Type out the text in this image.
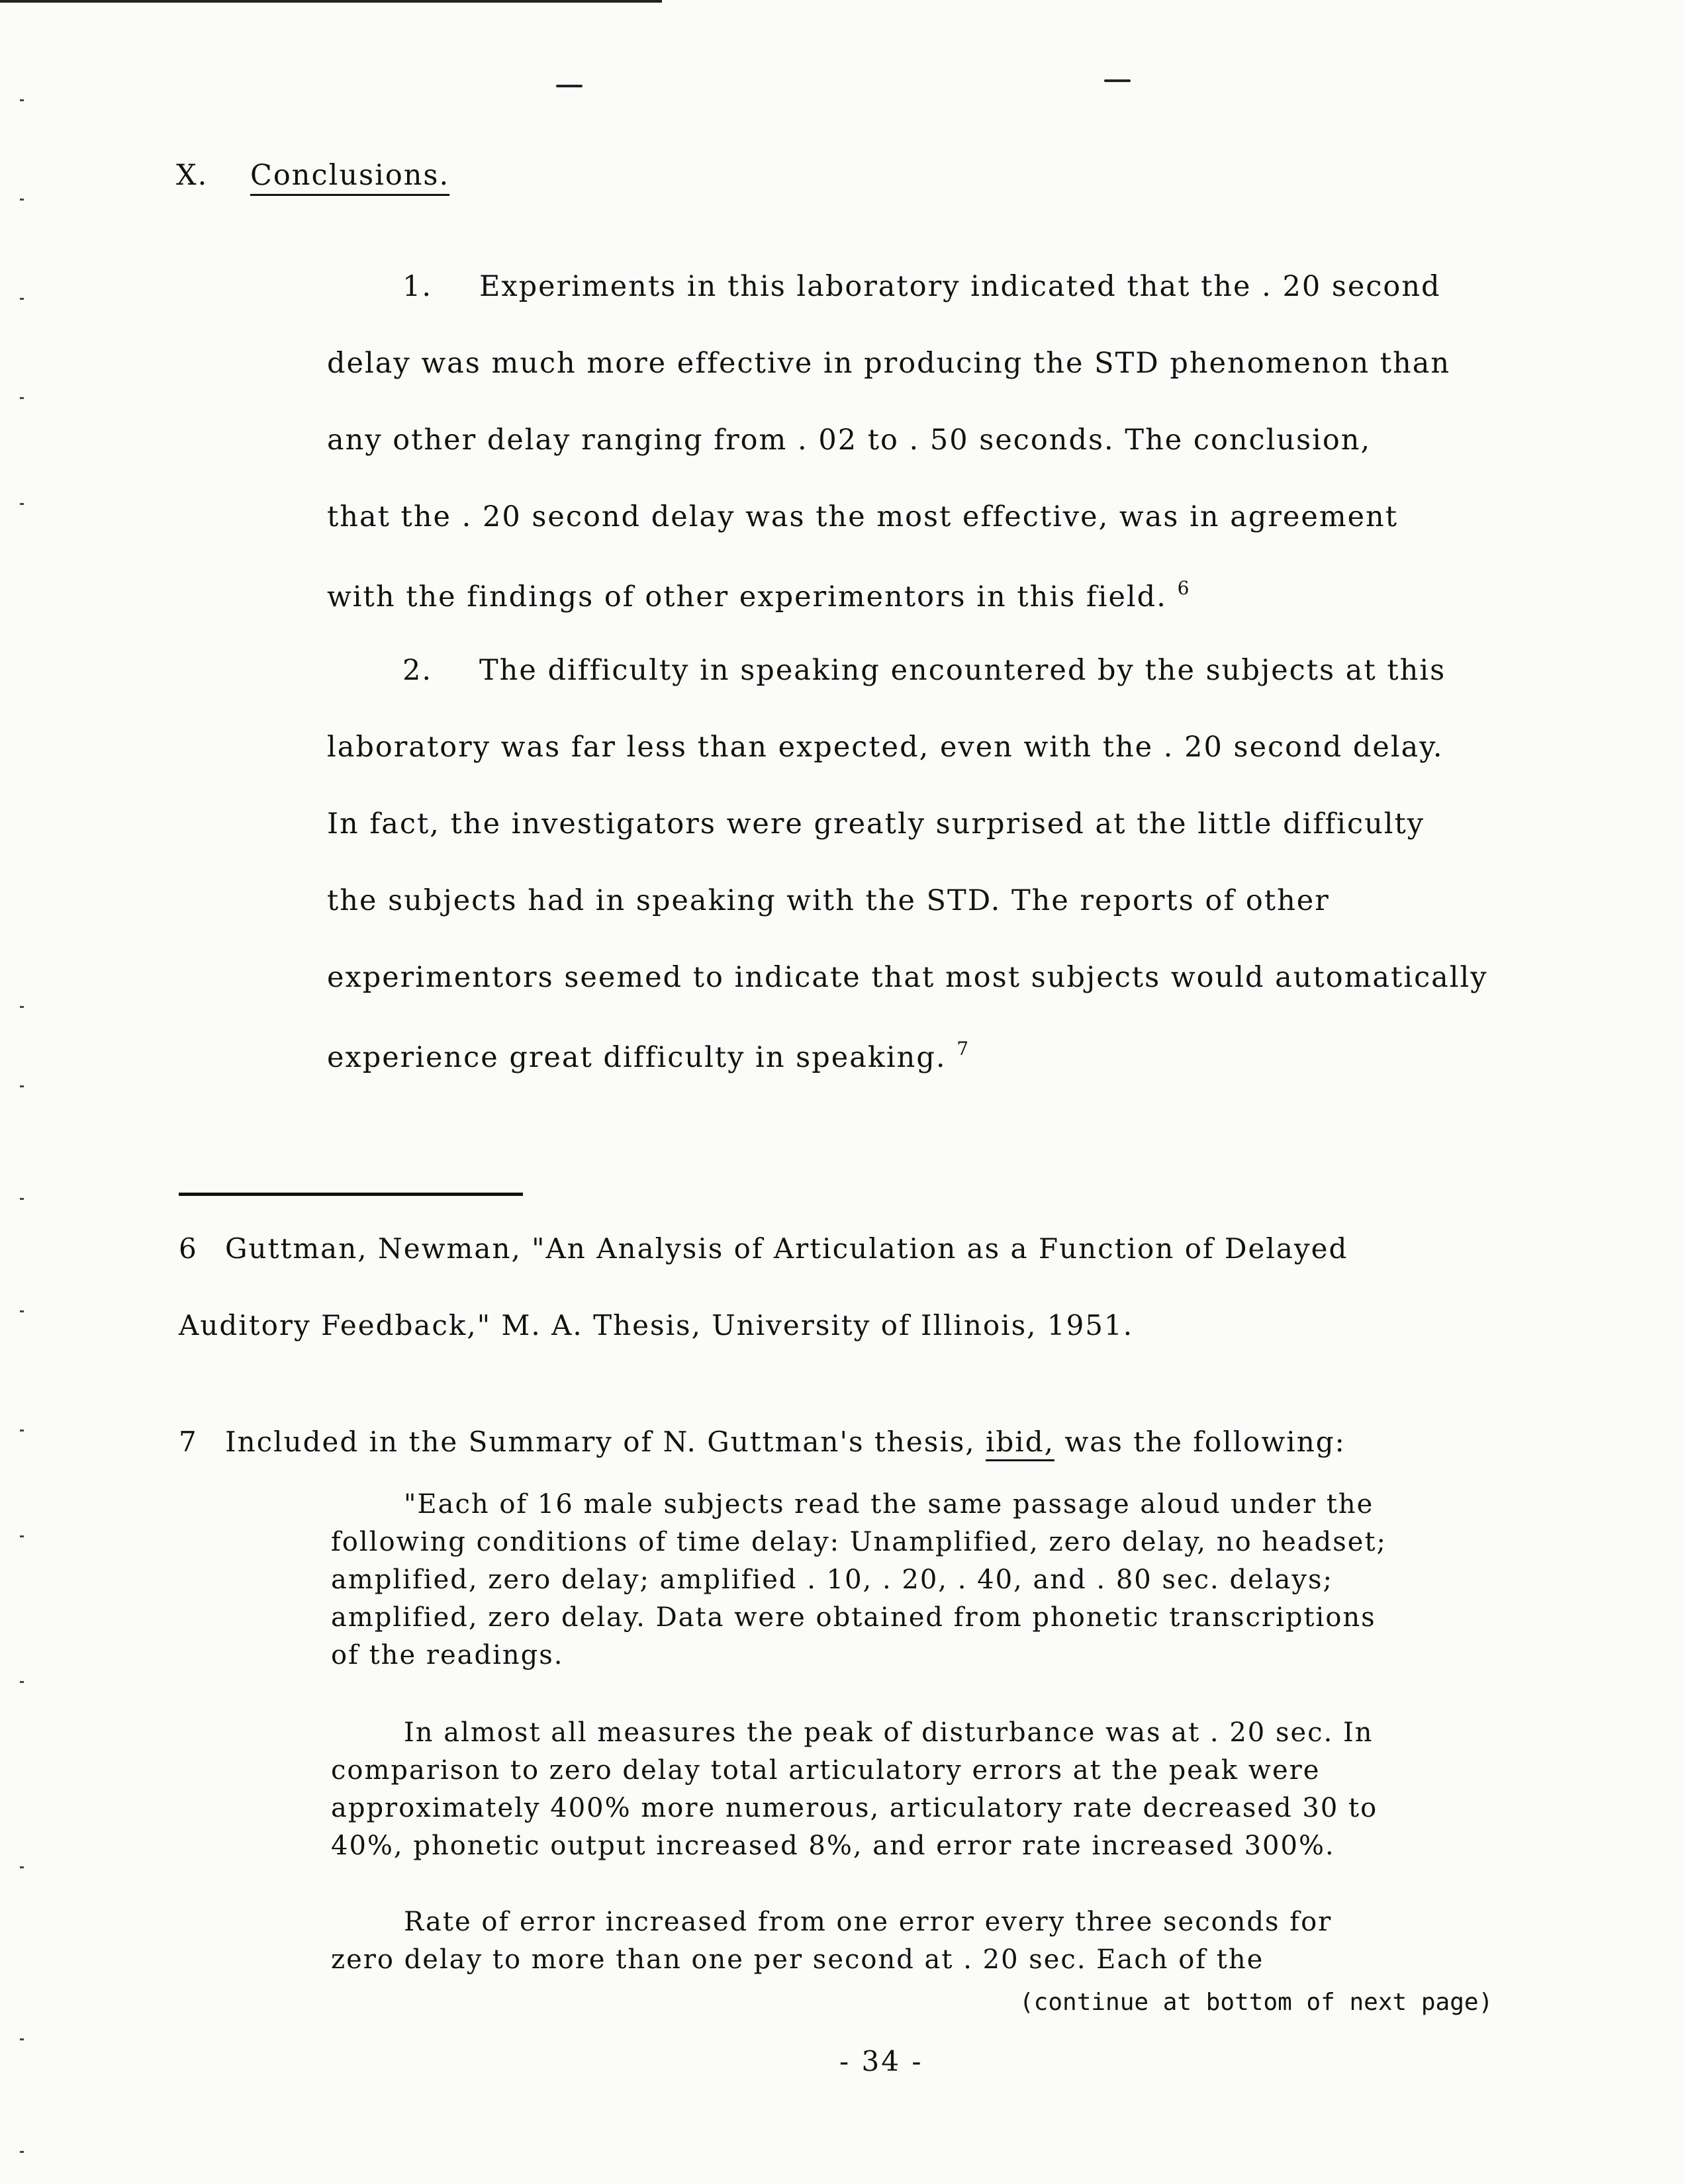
X. Conclusions.
1. Experiments in this laboratory indicated that the . 20 second
delay was much more effective in producing the STD phenomenon than
any other delay ranging from . 02 to . 50 seconds. The conclusion,
that the . 20 second delay was the most effective, was in agreement
with the findings of other experimentors in this field. $^6$
2. The difficulty in speaking encountered by the subjects at this
laboratory was far less than expected, even with the . 20 second delay.
In fact, the investigators were greatly surprised at the little difficulty
the subjects had in speaking with the STD. The reports of other
experimentors seemed to indicate that most subjects would automatically
experience great difficulty in speaking. $^7$
6 Guttman, Newman, "An Analysis of Articulation as a Function of Delayed
Auditory Feedback," M. A. Thesis, University of Illinois, 1951.
7 Included in the Summary of N. Guttman's thesis, ibid, was the following:
"Each of 16 male subjects read the same passage aloud under the
following conditions of time delay: Unamplified, zero delay, no headset;
amplified, zero delay; amplified . 10, . 20, . 40, and . 80 sec. delays;
amplified, zero delay. Data were obtained from phonetic transcriptions
of the readings.
In almost all measures the peak of disturbance was at . 20 sec. In
comparison to zero delay total articulatory errors at the peak were
approximately 400% more numerous, articulatory rate decreased 30 to
40%, phonetic output increased 8%, and error rate increased 300%.
Rate of error increased from one error every three seconds for
zero delay to more than one per second at . 20 sec. Each of the
(continue at bottom of next page)
- 34 -
